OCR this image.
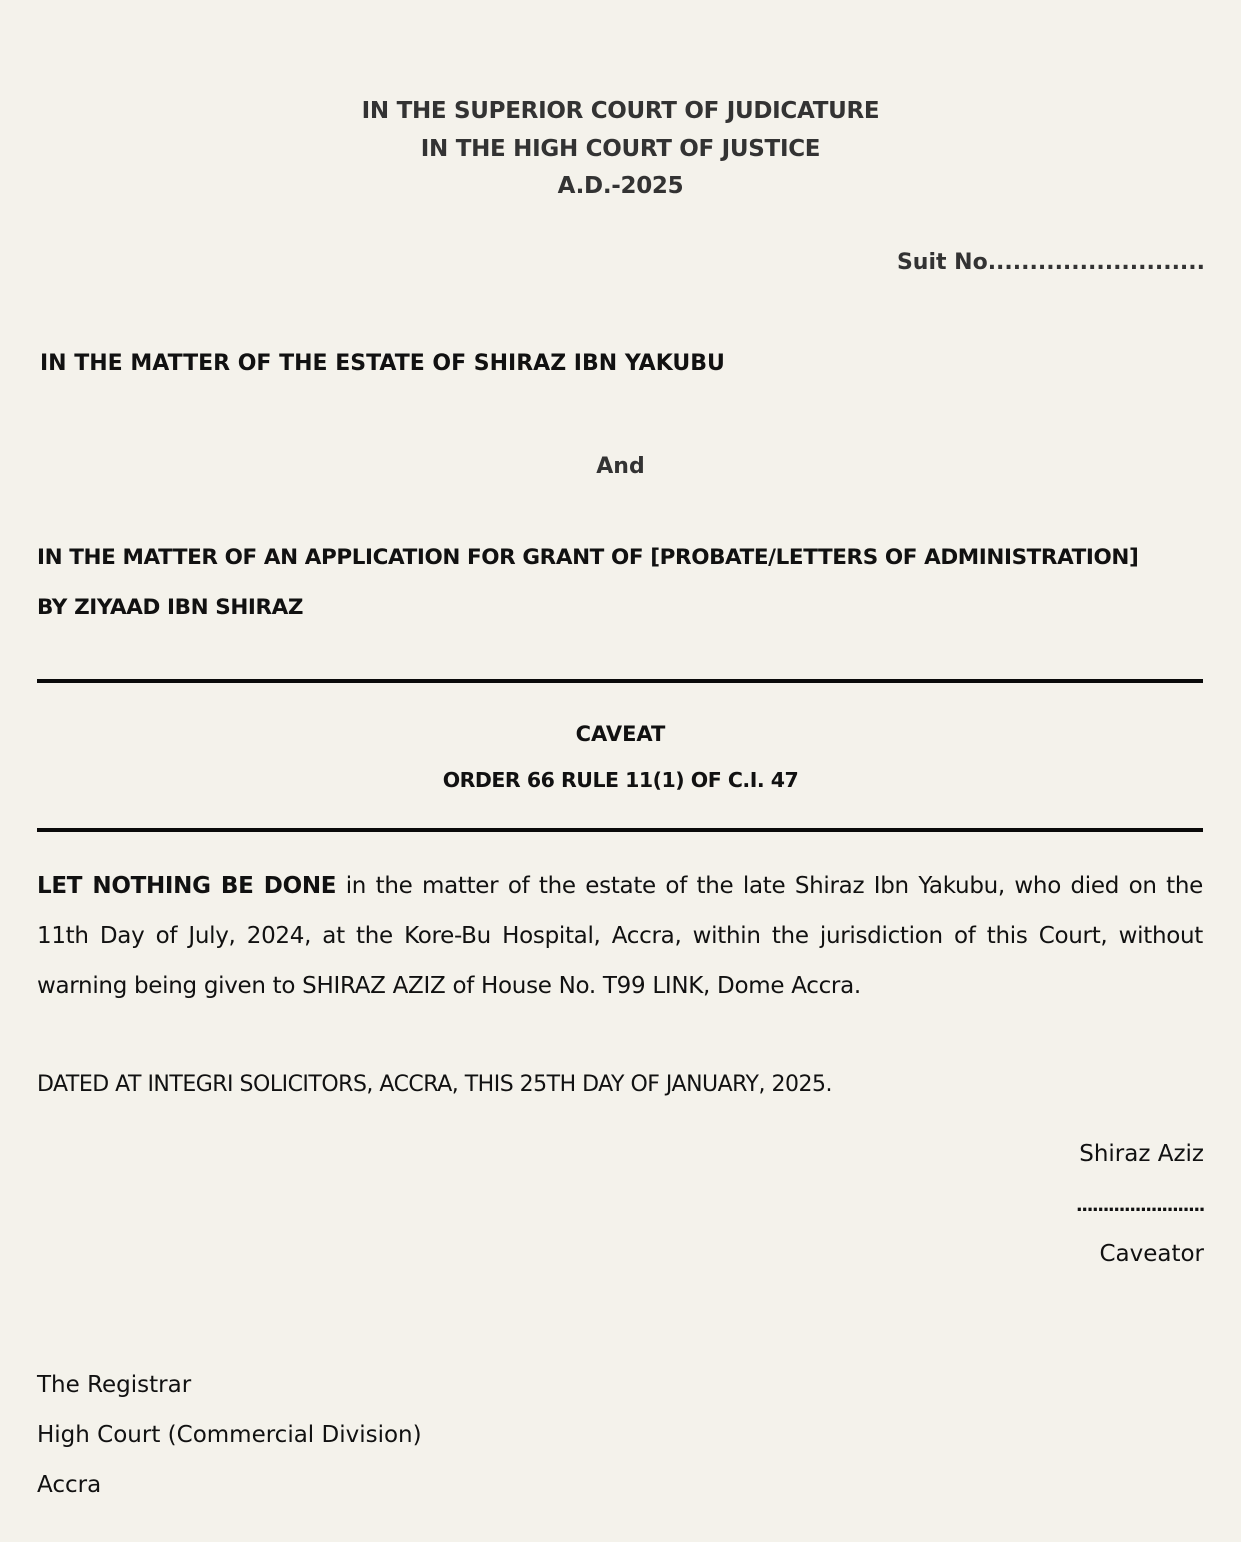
IN THE SUPERIOR COURT OF JUDICATURE
IN THE HIGH COURT OF JUSTICE
A.D.-2025
Suit No..........................
IN THE MATTER OF THE ESTATE OF SHIRAZ IBN YAKUBU
And
IN THE MATTER OF AN APPLICATION FOR GRANT OF [PROBATE/LETTERS OF ADMINISTRATION]
BY ZIYAAD IBN SHIRAZ
CAVEAT
ORDER 66 RULE 11(1) OF C.I. 47
LET NOTHING BE DONE in the matter of the estate of the late Shiraz Ibn Yakubu, who died on the 11th Day of July, 2024, at the Kore-Bu Hospital, Accra, within the jurisdiction of this Court, without warning being given to SHIRAZ AZIZ of House No. T99 LINK, Dome Accra.
DATED AT INTEGRI SOLICITORS, ACCRA, THIS 25TH DAY OF JANUARY, 2025.
Shiraz Aziz
........................
Caveator
The Registrar
High Court (Commercial Division)
Accra
